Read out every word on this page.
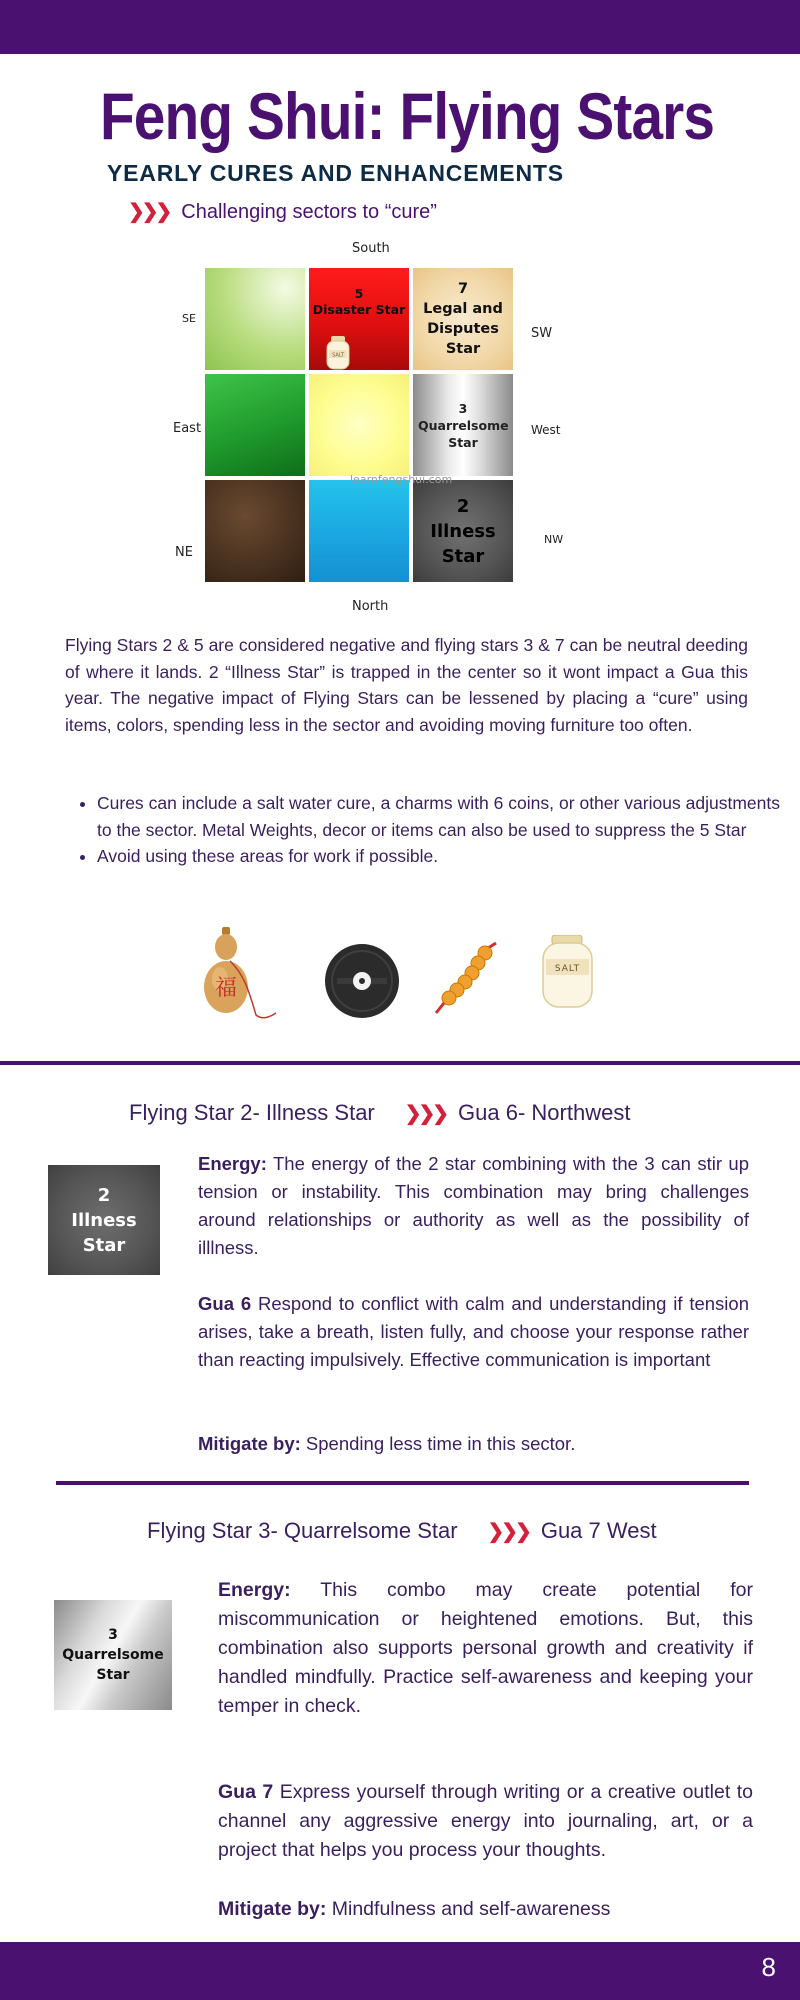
Feng Shui: Flying Stars
YEARLY CURES AND ENHANCEMENTS
❯❯❯ Challenging sectors to “cure”
South
North
SE
SW
East	West
NE
NW
5
Disaster Star
SALT
7
Legal and Disputes Star
3
Quarrelsome Star
2
Illness Star
learnfengshui.com
Flying Stars 2 & 5 are considered negative and flying stars 3 & 7 can be neutral deeding of where it lands. 2 “Illness Star” is trapped in the center so it wont impact a Gua this year. The negative impact of Flying Stars can be lessened by placing a “cure” using items, colors, spending less in the sector and avoiding moving furniture too often.
• Cures can include a salt water cure, a charms with 6 coins, or other various adjustments to the sector. Metal Weights, decor or items can also be used to suppress the 5 Star
• Avoid using these areas for work if possible.
福
SALT
Flying Star 2- Illness Star ❯❯❯ Gua 6- Northwest
2
Illness Star
Energy: The energy of the 2 star combining with the 3 can stir up tension or instability. This combination may bring challenges around relationships or authority as well as the possibility of illlness.
Gua 6 Respond to conflict with calm and understanding if tension arises, take a breath, listen fully, and choose your response rather than reacting impulsively. Effective communication is important
Mitigate by: Spending less time in this sector.
Flying Star 3- Quarrelsome Star ❯❯❯ Gua 7 West
3
Quarrelsome Star
Energy: This combo may create potential for miscommunication or heightened emotions. But, this combination also supports personal growth and creativity if handled mindfully. Practice self-awareness and keeping your temper in check.
Gua 7 Express yourself through writing or a creative outlet to channel any aggressive energy into journaling, art, or a project that helps you process your thoughts.
Mitigate by: Mindfulness and self-awareness
8
